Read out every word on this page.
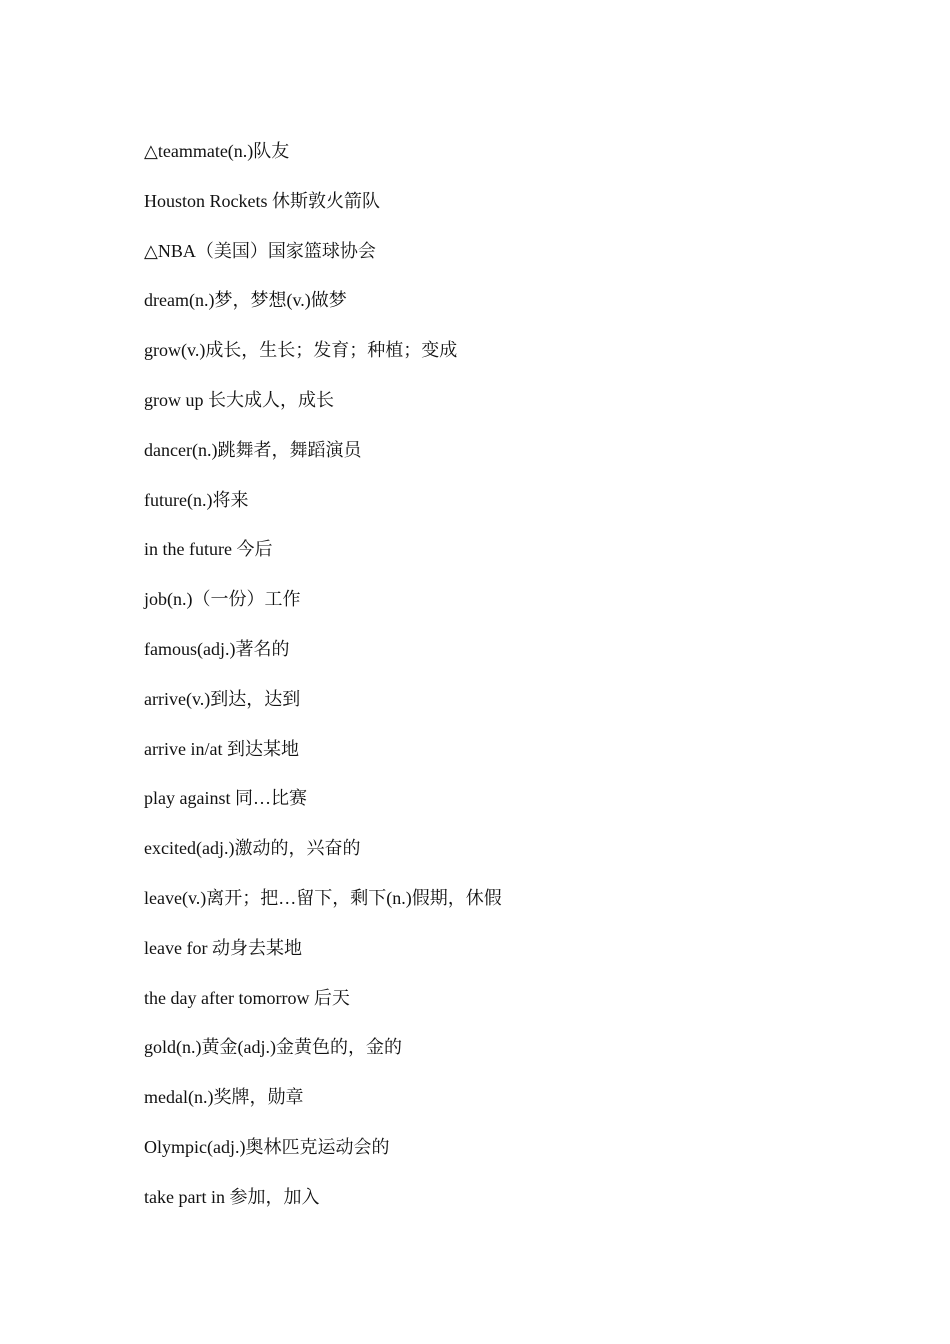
△teammate(n.)队友
Houston Rockets 休斯敦火箭队
△NBA（美国）国家篮球协会
dream(n.)梦，梦想(v.)做梦
grow(v.)成长，生长；发育；种植；变成
grow up 长大成人，成长
dancer(n.)跳舞者，舞蹈演员
future(n.)将来
in the future 今后
job(n.)（一份）工作
famous(adj.)著名的
arrive(v.)到达，达到
arrive in/at 到达某地
play against 同…比赛
excited(adj.)激动的，兴奋的
leave(v.)离开；把…留下，剩下(n.)假期，休假
leave for 动身去某地
the day after tomorrow 后天
gold(n.)黄金(adj.)金黄色的，金的
medal(n.)奖牌，勋章
Olympic(adj.)奥林匹克运动会的
take part in 参加，加入
